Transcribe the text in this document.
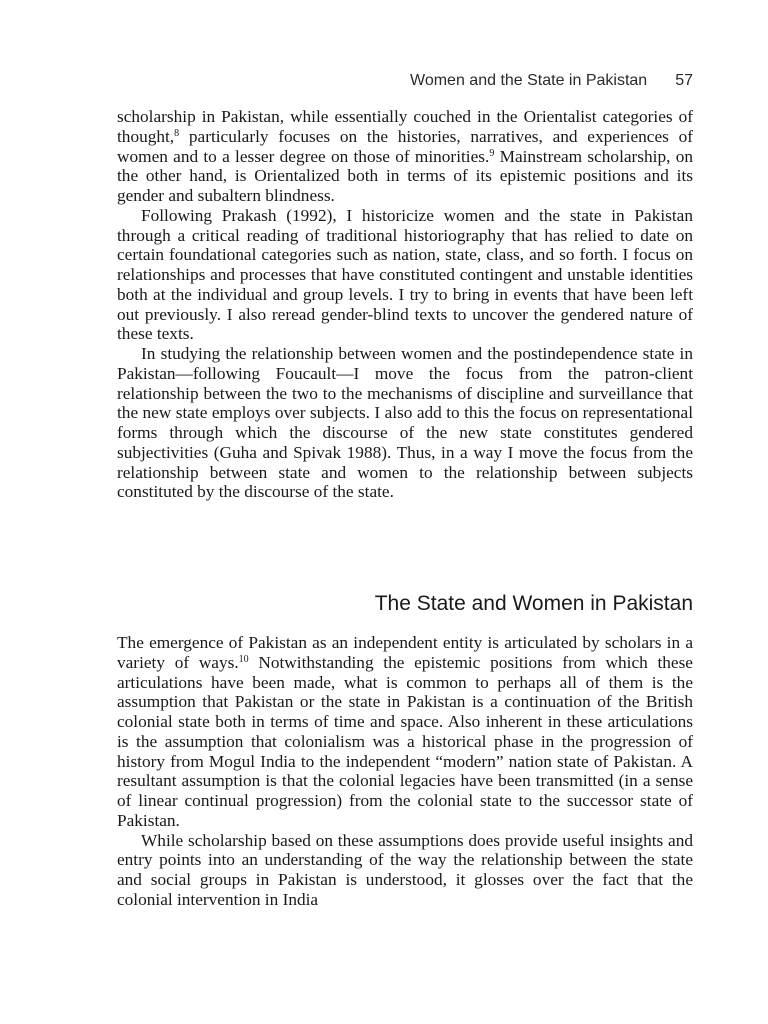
Women and the State in Pakistan 57

scholarship in Pakistan, while essentially couched in the Orientalist categories of thought,$^8$ particularly focuses on the histories, narratives, and experiences of women and to a lesser degree on those of minorities.$^9$ Mainstream scholarship, on the other hand, is Orientalized both in terms of its epistemic positions and its gender and subaltern blindness.

Following Prakash (1992), I historicize women and the state in Pakistan through a critical reading of traditional historiography that has relied to date on certain foundational categories such as nation, state, class, and so forth. I focus on relationships and processes that have constituted contingent and unstable identities both at the individual and group levels. I try to bring in events that have been left out previously. I also reread gender-blind texts to uncover the gendered nature of these texts.

In studying the relationship between women and the postindependence state in Pakistan—following Foucault—I move the focus from the patron-client relationship between the two to the mechanisms of discipline and surveillance that the new state employs over subjects. I also add to this the focus on representational forms through which the discourse of the new state constitutes gendered subjectivities (Guha and Spivak 1988). Thus, in a way I move the focus from the relationship between state and women to the relationship between subjects constituted by the discourse of the state.

The State and Women in Pakistan

The emergence of Pakistan as an independent entity is articulated by scholars in a variety of ways.$^{10}$ Notwithstanding the epistemic positions from which these articulations have been made, what is common to perhaps all of them is the assumption that Pakistan or the state in Pakistan is a continuation of the British colonial state both in terms of time and space. Also inherent in these articulations is the assumption that colonialism was a historical phase in the progression of history from Mogul India to the independent “modern” nation state of Pakistan. A resultant assumption is that the colonial legacies have been transmitted (in a sense of linear continual progression) from the colonial state to the successor state of Pakistan.

While scholarship based on these assumptions does provide useful insights and entry points into an understanding of the way the relationship between the state and social groups in Pakistan is understood, it glosses over the fact that the colonial intervention in India
